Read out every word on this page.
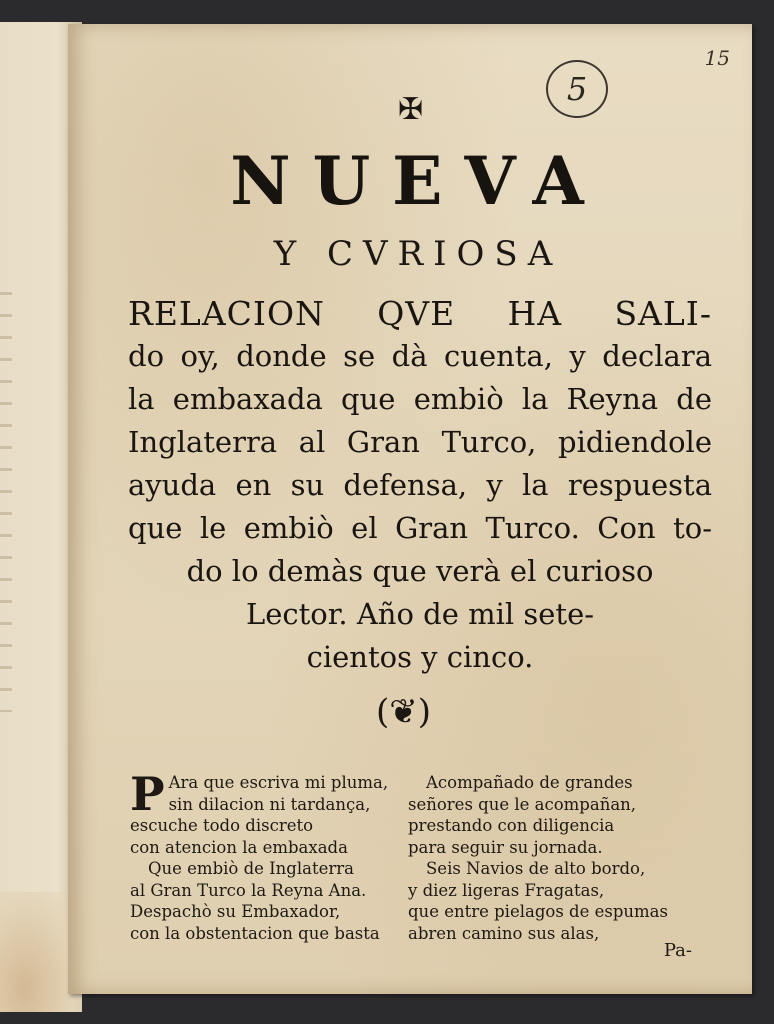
15
5
✠
NUEVA
Y CVRIOSA
RELACION QVE HA SALI-
do oy, donde se dà cuenta, y declara
la embaxada que embiò la Reyna de
Inglaterra al Gran Turco, pidiendole
ayuda en su defensa, y la respuesta
que le embiò el Gran Turco. Con to-
do lo demàs que verà el curioso
Lector. Año de mil sete-
cientos y cinco.
(❦)
P Ara que escriva mi pluma,
sin dilacion ni tardança,
escuche todo discreto
con atencion la embaxada
Que embiò de Inglaterra
al Gran Turco la Reyna Ana.
Despachò su Embaxador,
con la obstentacion que basta
Acompañado de grandes
señores que le acompañan,
prestando con diligencia
para seguir su jornada.
Seis Navios de alto bordo,
y diez ligeras Fragatas,
que entre pielagos de espumas
abren camino sus alas,
Pa-
